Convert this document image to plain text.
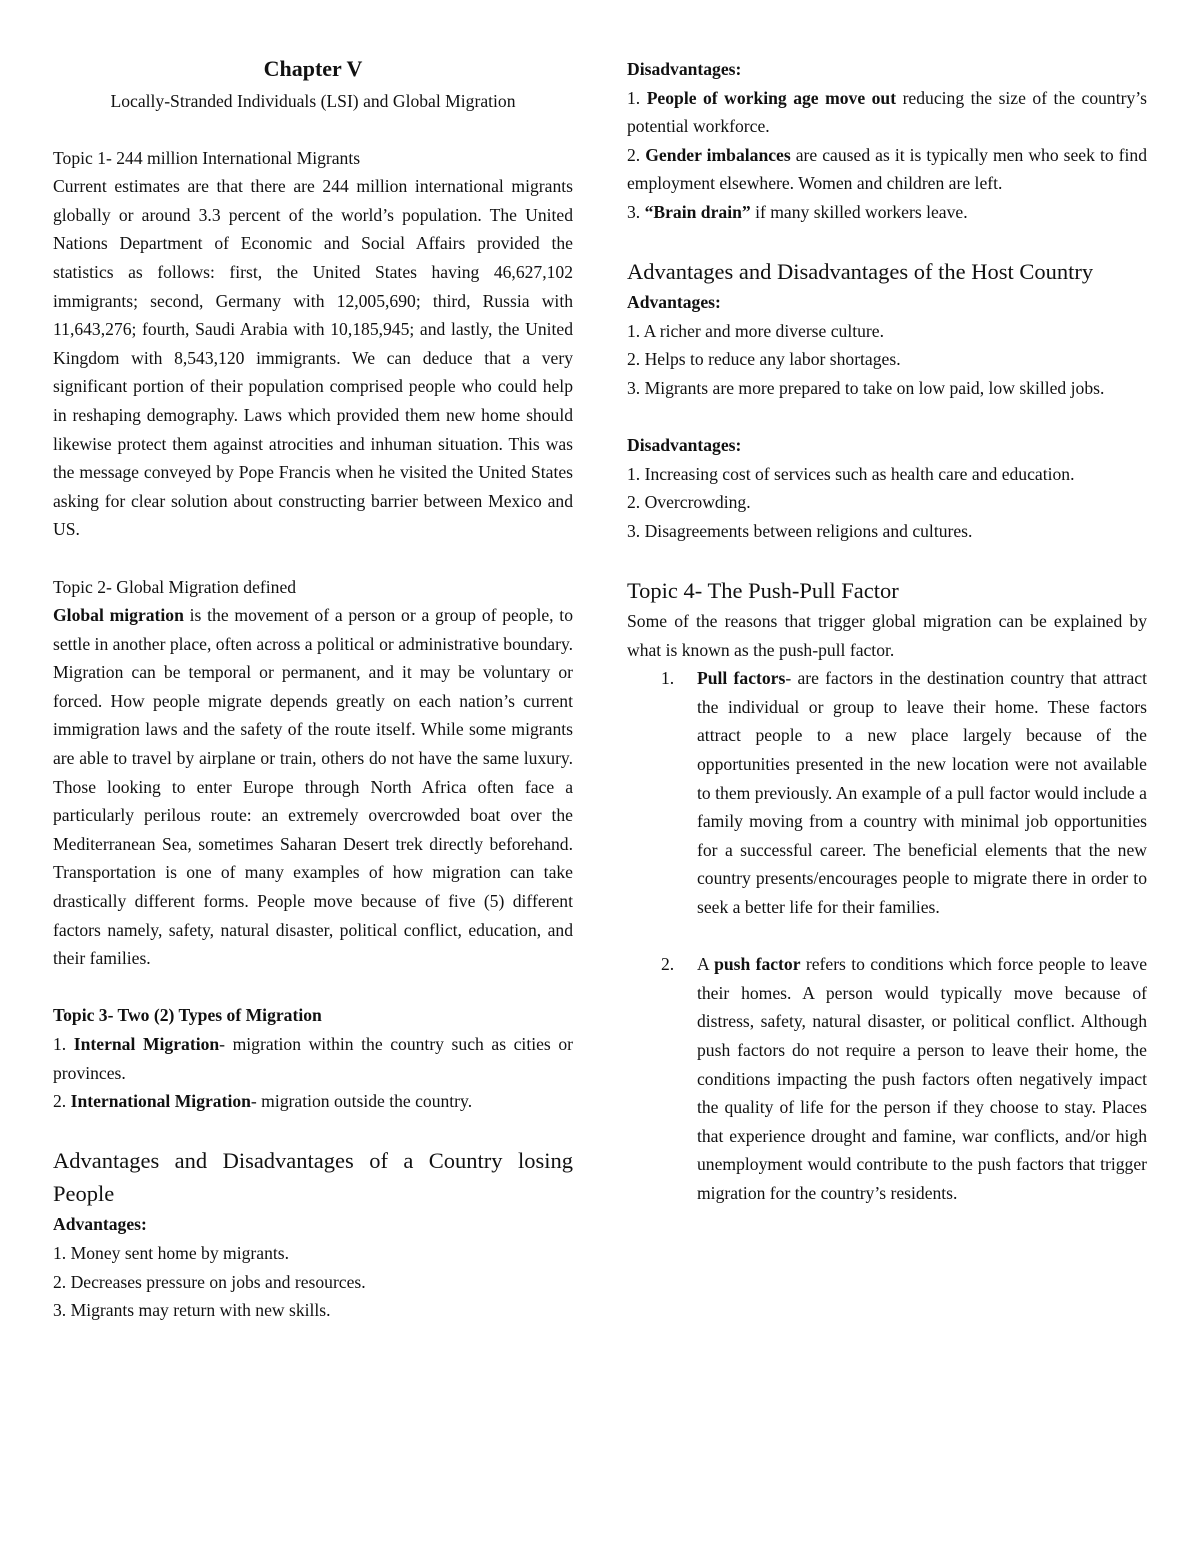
Chapter V

Locally-Stranded Individuals (LSI) and Global Migration

Topic 1- 244 million International Migrants

Current estimates are that there are 244 million international migrants globally or around 3.3 percent of the world’s population. The United Nations Department of Economic and Social Affairs provided the statistics as follows: first, the United States having 46,627,102 immigrants; second, Germany with 12,005,690; third, Russia with 11,643,276; fourth, Saudi Arabia with 10,185,945; and lastly, the United Kingdom with 8,543,120 immigrants. We can deduce that a very significant portion of their population comprised people who could help in reshaping demography. Laws which provided them new home should likewise protect them against atrocities and inhuman situation. This was the message conveyed by Pope Francis when he visited the United States asking for clear solution about constructing barrier between Mexico and US.

Topic 2- Global Migration defined

Global migration is the movement of a person or a group of people, to settle in another place, often across a political or administrative boundary. Migration can be temporal or permanent, and it may be voluntary or forced. How people migrate depends greatly on each nation’s current immigration laws and the safety of the route itself. While some migrants are able to travel by airplane or train, others do not have the same luxury. Those looking to enter Europe through North Africa often face a particularly perilous route: an extremely overcrowded boat over the Mediterranean Sea, sometimes Saharan Desert trek directly beforehand. Transportation is one of many examples of how migration can take drastically different forms. People move because of five (5) different factors namely, safety, natural disaster, political conflict, education, and their families.

Topic 3- Two (2) Types of Migration

1. Internal Migration- migration within the country such as cities or provinces.

2. International Migration- migration outside the country.

Advantages and Disadvantages of a Country losing People

Advantages:

1. Money sent home by migrants.

2. Decreases pressure on jobs and resources.

3. Migrants may return with new skills.

Disadvantages:

1. People of working age move out reducing the size of the country’s potential workforce.

2. Gender imbalances are caused as it is typically men who seek to find employment elsewhere. Women and children are left.

3. “Brain drain” if many skilled workers leave.

Advantages and Disadvantages of the Host Country

Advantages:

1. A richer and more diverse culture.

2. Helps to reduce any labor shortages.

3. Migrants are more prepared to take on low paid, low skilled jobs.

Disadvantages:

1. Increasing cost of services such as health care and education.

2. Overcrowding.

3. Disagreements between religions and cultures.

Topic 4- The Push-Pull Factor

Some of the reasons that trigger global migration can be explained by what is known as the push-pull factor.

1. Pull factors- are factors in the destination country that attract the individual or group to leave their home. These factors attract people to a new place largely because of the opportunities presented in the new location were not available to them previously. An example of a pull factor would include a family moving from a country with minimal job opportunities for a successful career. The beneficial elements that the new country presents/encourages people to migrate there in order to seek a better life for their families.

2. A push factor refers to conditions which force people to leave their homes. A person would typically move because of distress, safety, natural disaster, or political conflict. Although push factors do not require a person to leave their home, the conditions impacting the push factors often negatively impact the quality of life for the person if they choose to stay. Places that experience drought and famine, war conflicts, and/or high unemployment would contribute to the push factors that trigger migration for the country’s residents.
